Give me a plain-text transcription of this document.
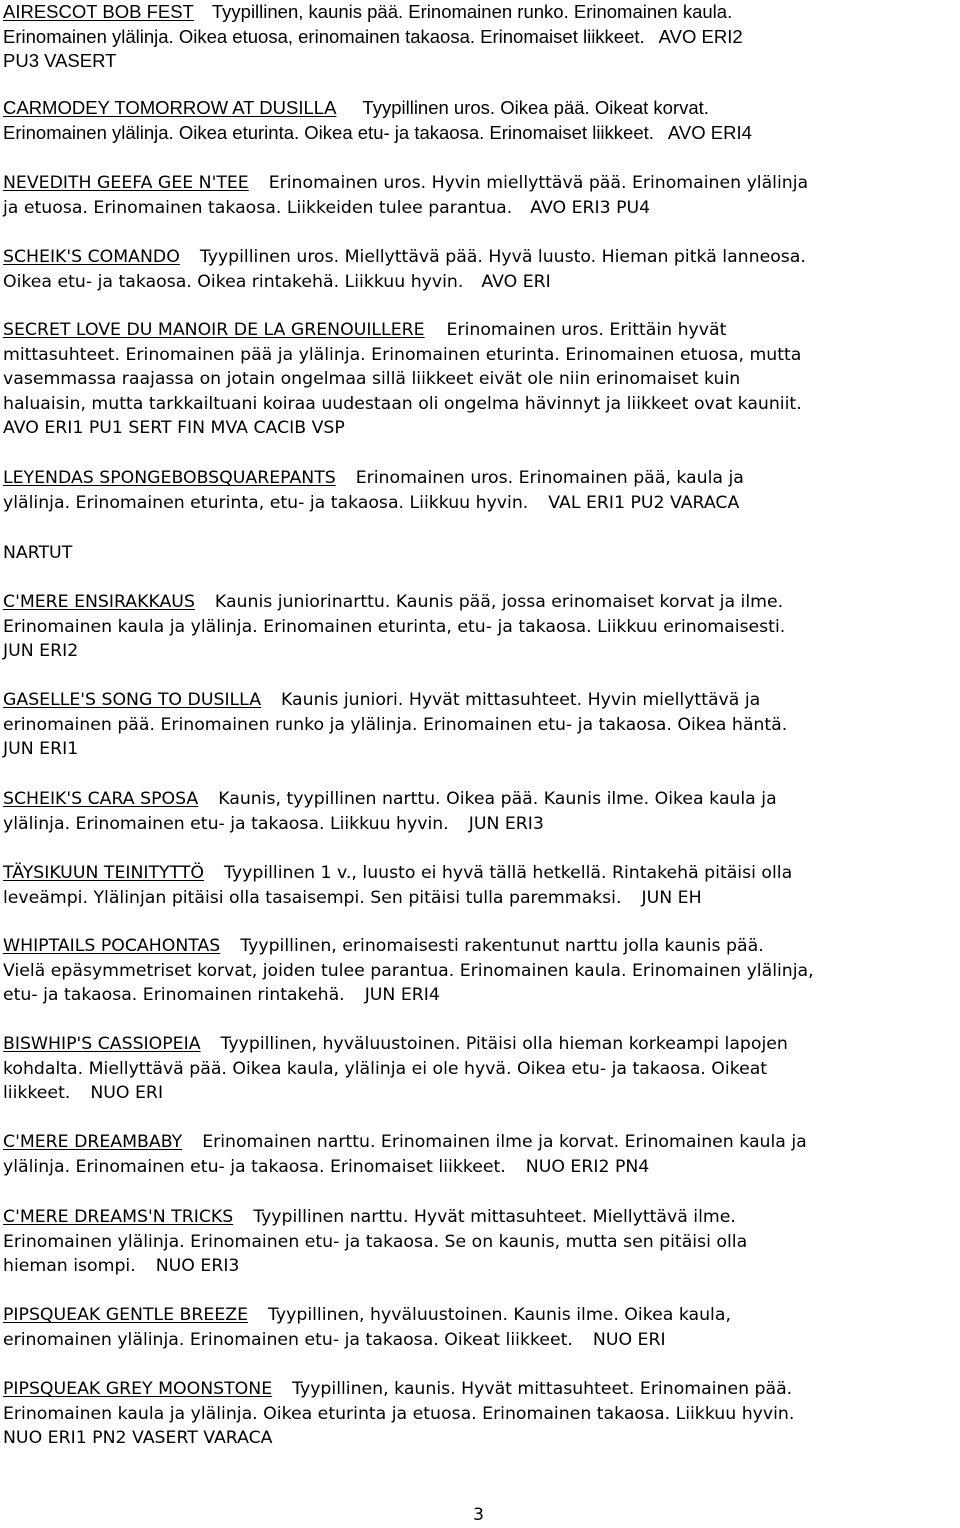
AIRESCOT BOB FEST Tyypillinen, kaunis pää. Erinomainen runko. Erinomainen kaula.
Erinomainen ylälinja. Oikea etuosa, erinomainen takaosa. Erinomaiset liikkeet. AVO ERI2
PU3 VASERT
CARMODEY TOMORROW AT DUSILLA Tyypillinen uros. Oikea pää. Oikeat korvat.
Erinomainen ylälinja. Oikea eturinta. Oikea etu- ja takaosa. Erinomaiset liikkeet. AVO ERI4
NEVEDITH GEEFA GEE N'TEE Erinomainen uros. Hyvin miellyttävä pää. Erinomainen ylälinja
ja etuosa. Erinomainen takaosa. Liikkeiden tulee parantua. AVO ERI3 PU4
SCHEIK'S COMANDO Tyypillinen uros. Miellyttävä pää. Hyvä luusto. Hieman pitkä lanneosa.
Oikea etu- ja takaosa. Oikea rintakehä. Liikkuu hyvin. AVO ERI
SECRET LOVE DU MANOIR DE LA GRENOUILLERE Erinomainen uros. Erittäin hyvät
mittasuhteet. Erinomainen pää ja ylälinja. Erinomainen eturinta. Erinomainen etuosa, mutta
vasemmassa raajassa on jotain ongelmaa sillä liikkeet eivät ole niin erinomaiset kuin
haluaisin, mutta tarkkailtuani koiraa uudestaan oli ongelma hävinnyt ja liikkeet ovat kauniit.
AVO ERI1 PU1 SERT FIN MVA CACIB VSP
LEYENDAS SPONGEBOBSQUAREPANTS Erinomainen uros. Erinomainen pää, kaula ja
ylälinja. Erinomainen eturinta, etu- ja takaosa. Liikkuu hyvin. VAL ERI1 PU2 VARACA
NARTUT
C'MERE ENSIRAKKAUS Kaunis juniorinarttu. Kaunis pää, jossa erinomaiset korvat ja ilme.
Erinomainen kaula ja ylälinja. Erinomainen eturinta, etu- ja takaosa. Liikkuu erinomaisesti.
JUN ERI2
GASELLE'S SONG TO DUSILLA Kaunis juniori. Hyvät mittasuhteet. Hyvin miellyttävä ja
erinomainen pää. Erinomainen runko ja ylälinja. Erinomainen etu- ja takaosa. Oikea häntä.
JUN ERI1
SCHEIK'S CARA SPOSA Kaunis, tyypillinen narttu. Oikea pää. Kaunis ilme. Oikea kaula ja
ylälinja. Erinomainen etu- ja takaosa. Liikkuu hyvin. JUN ERI3
TÄYSIKUUN TEINITYTTÖ Tyypillinen 1 v., luusto ei hyvä tällä hetkellä. Rintakehä pitäisi olla
leveämpi. Ylälinjan pitäisi olla tasaisempi. Sen pitäisi tulla paremmaksi. JUN EH
WHIPTAILS POCAHONTAS Tyypillinen, erinomaisesti rakentunut narttu jolla kaunis pää.
Vielä epäsymmetriset korvat, joiden tulee parantua. Erinomainen kaula. Erinomainen ylälinja,
etu- ja takaosa. Erinomainen rintakehä. JUN ERI4
BISWHIP'S CASSIOPEIA Tyypillinen, hyväluustoinen. Pitäisi olla hieman korkeampi lapojen
kohdalta. Miellyttävä pää. Oikea kaula, ylälinja ei ole hyvä. Oikea etu- ja takaosa. Oikeat
liikkeet. NUO ERI
C'MERE DREAMBABY Erinomainen narttu. Erinomainen ilme ja korvat. Erinomainen kaula ja
ylälinja. Erinomainen etu- ja takaosa. Erinomaiset liikkeet. NUO ERI2 PN4
C'MERE DREAMS'N TRICKS Tyypillinen narttu. Hyvät mittasuhteet. Miellyttävä ilme.
Erinomainen ylälinja. Erinomainen etu- ja takaosa. Se on kaunis, mutta sen pitäisi olla
hieman isompi. NUO ERI3
PIPSQUEAK GENTLE BREEZE Tyypillinen, hyväluustoinen. Kaunis ilme. Oikea kaula,
erinomainen ylälinja. Erinomainen etu- ja takaosa. Oikeat liikkeet. NUO ERI
PIPSQUEAK GREY MOONSTONE Tyypillinen, kaunis. Hyvät mittasuhteet. Erinomainen pää.
Erinomainen kaula ja ylälinja. Oikea eturinta ja etuosa. Erinomainen takaosa. Liikkuu hyvin.
NUO ERI1 PN2 VASERT VARACA
3
